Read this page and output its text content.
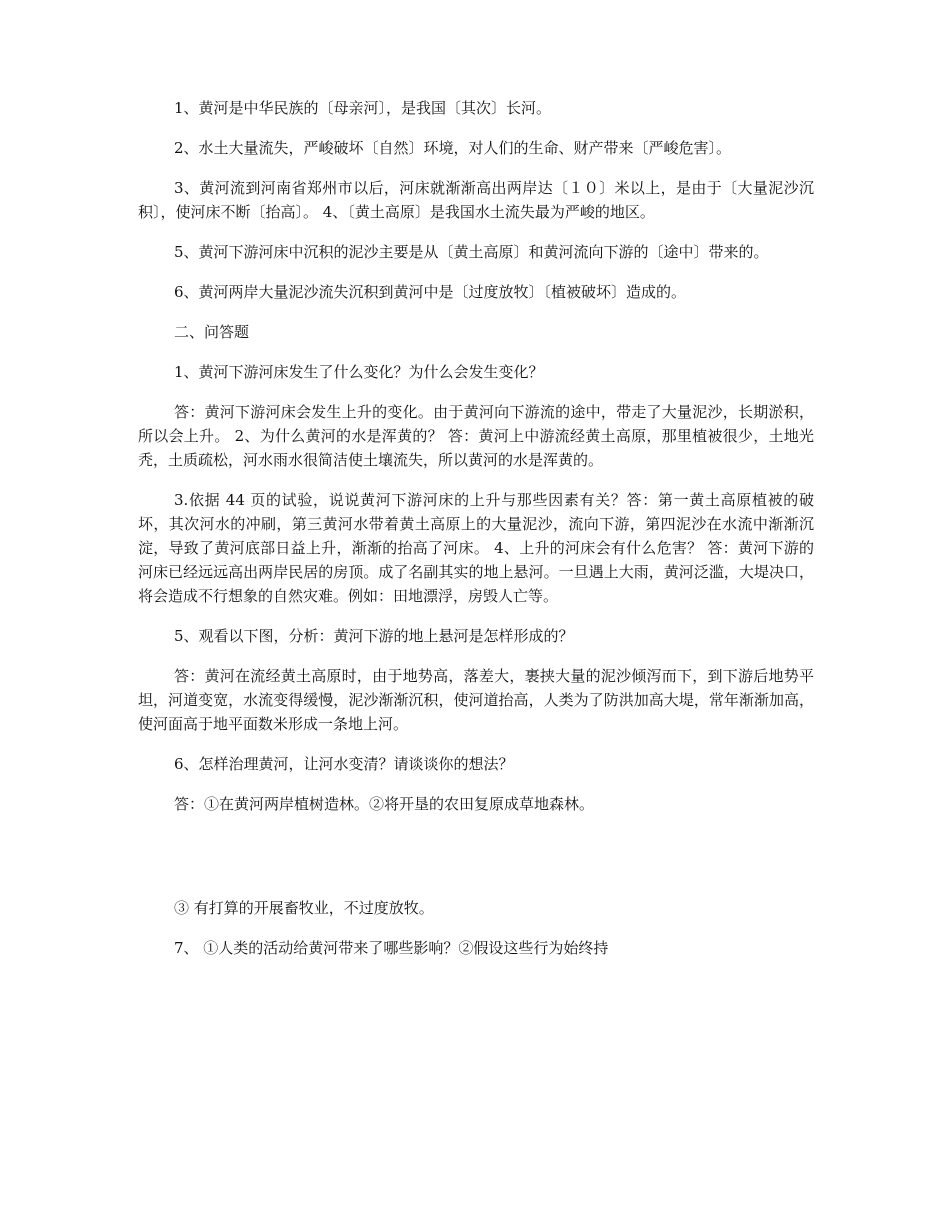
1、黄河是中华民族的〔母亲河〕，是我国〔其次〕长河。

2、水土大量流失，严峻破坏〔自然〕环境，对人们的生命、财产带来〔严峻危害〕。

3、黄河流到河南省郑州市以后，河床就渐渐高出两岸达〔１０〕米以上，是由于〔大量泥沙沉积〕，使河床不断〔抬高〕。 4、〔黄土高原〕是我国水土流失最为严峻的地区。

5、黄河下游河床中沉积的泥沙主要是从〔黄土高原〕和黄河流向下游的〔途中〕带来的。

6、黄河两岸大量泥沙流失沉积到黄河中是〔过度放牧〕〔植被破坏〕造成的。

二、问答题

1、黄河下游河床发生了什么变化？为什么会发生变化？

答：黄河下游河床会发生上升的变化。由于黄河向下游流的途中，带走了大量泥沙，长期淤积，所以会上升。 2、为什么黄河的水是浑黄的？ 答：黄河上中游流经黄土高原，那里植被很少，土地光秃，土质疏松，河水雨水很简洁使土壤流失，所以黄河的水是浑黄的。

3.依据 44 页的试验，说说黄河下游河床的上升与那些因素有关？答：第一黄土高原植被的破坏，其次河水的冲刷，第三黄河水带着黄土高原上的大量泥沙，流向下游，第四泥沙在水流中渐渐沉淀，导致了黄河底部日益上升，渐渐的抬高了河床。 4、上升的河床会有什么危害？ 答：黄河下游的河床已经远远高出两岸民居的房顶。成了名副其实的地上悬河。一旦遇上大雨，黄河泛滥，大堤决口，将会造成不行想象的自然灾难。例如：田地漂浮，房毁人亡等。

5、观看以下图，分析：黄河下游的地上悬河是怎样形成的？

答：黄河在流经黄土高原时，由于地势高，落差大，裹挟大量的泥沙倾泻而下，到下游后地势平坦，河道变宽，水流变得缓慢，泥沙渐渐沉积，使河道抬高，人类为了防洪加高大堤，常年渐渐加高，使河面高于地平面数米形成一条地上河。

6、怎样治理黄河，让河水变清？请谈谈你的想法？

答：①在黄河两岸植树造林。②将开垦的农田复原成草地森林。

③ 有打算的开展畜牧业，不过度放牧。

7、 ①人类的活动给黄河带来了哪些影响？②假设这些行为始终持
